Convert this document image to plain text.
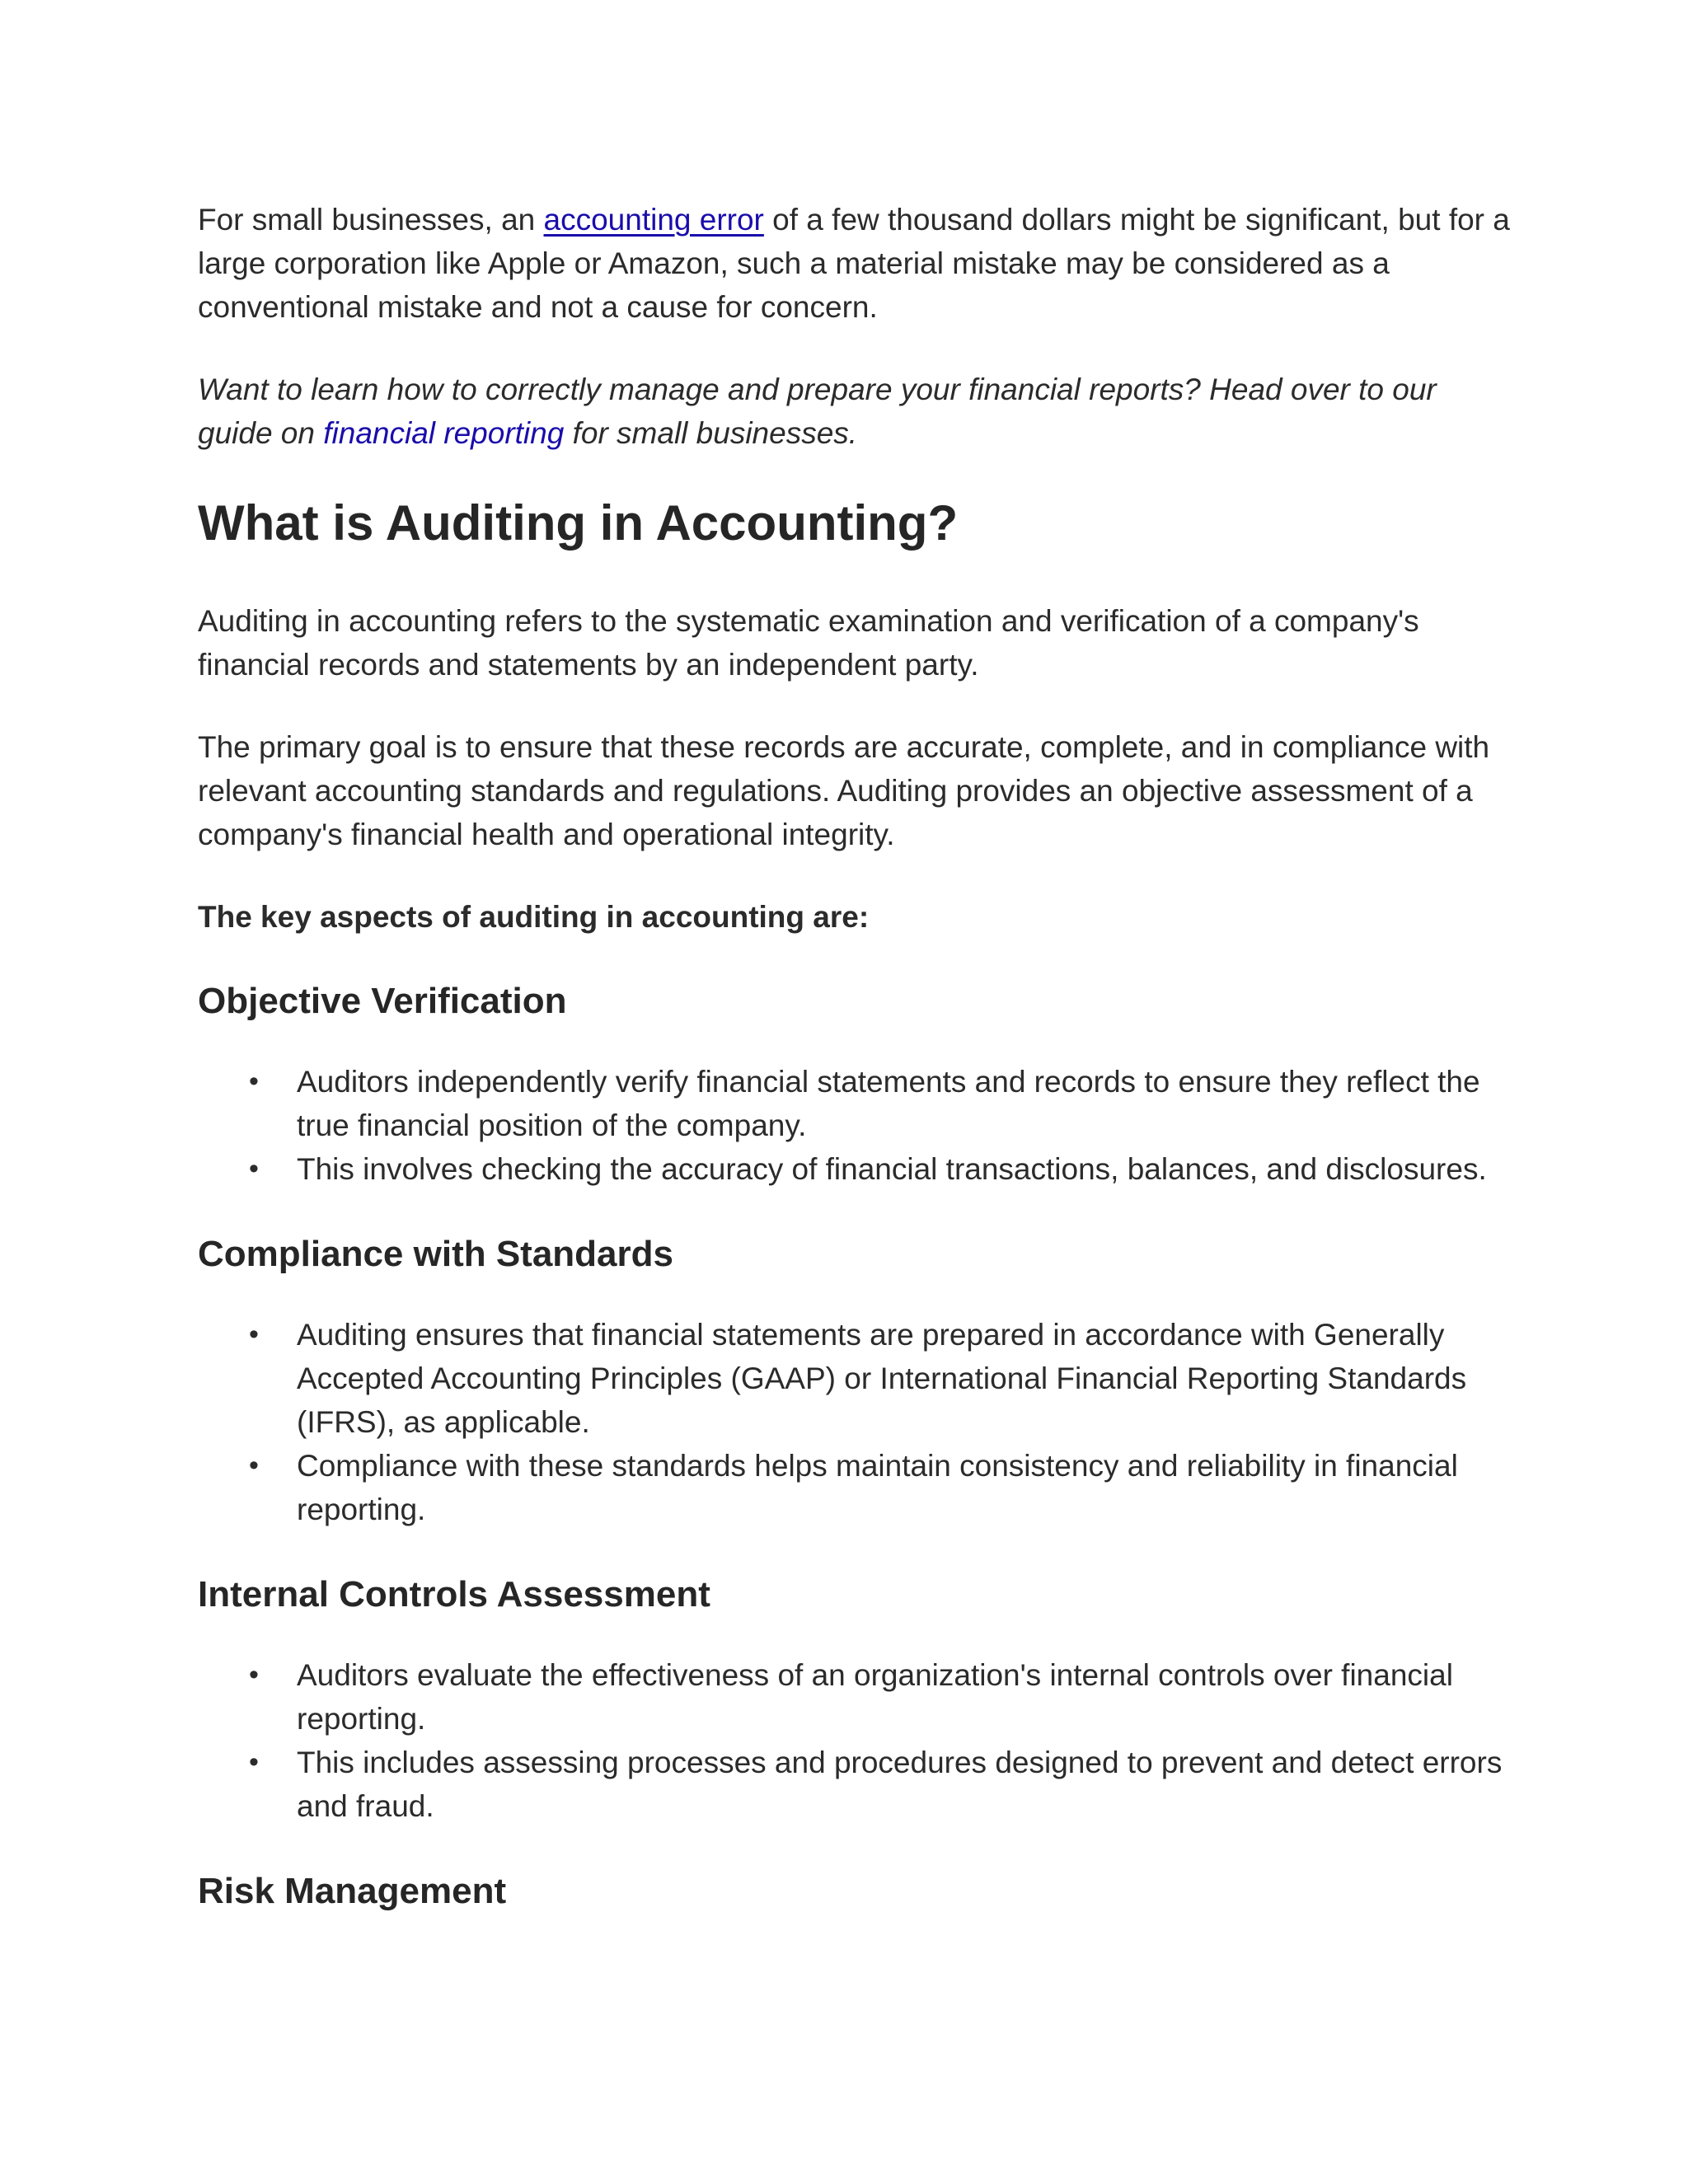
For small businesses, an accounting error of a few thousand dollars might be significant, but for a large corporation like Apple or Amazon, such a material mistake may be considered as a conventional mistake and not a cause for concern.

Want to learn how to correctly manage and prepare your financial reports? Head over to our guide on financial reporting for small businesses.

What is Auditing in Accounting?

Auditing in accounting refers to the systematic examination and verification of a company's financial records and statements by an independent party.

The primary goal is to ensure that these records are accurate, complete, and in compliance with relevant accounting standards and regulations. Auditing provides an objective assessment of a company's financial health and operational integrity.

The key aspects of auditing in accounting are:

Objective Verification
• Auditors independently verify financial statements and records to ensure they reflect the true financial position of the company.
• This involves checking the accuracy of financial transactions, balances, and disclosures.
Compliance with Standards
• Auditing ensures that financial statements are prepared in accordance with Generally Accepted Accounting Principles (GAAP) or International Financial Reporting Standards (IFRS), as applicable.
• Compliance with these standards helps maintain consistency and reliability in financial reporting.
Internal Controls Assessment
• Auditors evaluate the effectiveness of an organization's internal controls over financial reporting.
• This includes assessing processes and procedures designed to prevent and detect errors and fraud.
Risk Management
